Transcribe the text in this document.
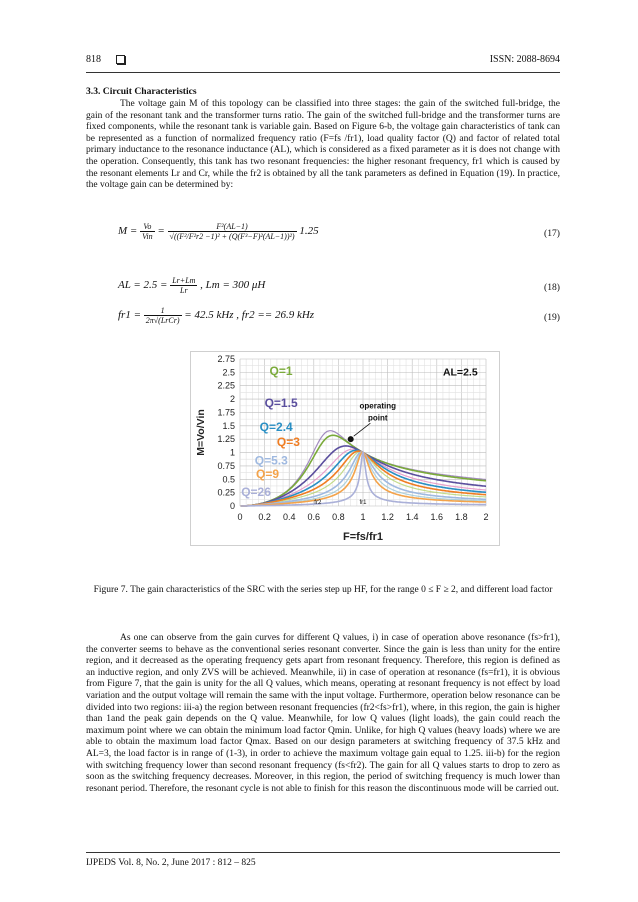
818	ISSN: 2088-8694
3.3. Circuit Characteristics

The voltage gain M of this topology can be classified into three stages: the gain of the switched full-bridge, the gain of the resonant tank and the transformer turns ratio. The gain of the switched full-bridge and the transformer turns are fixed components, while the resonant tank is variable gain. Based on Figure 6-b, the voltage gain characteristics of tank can be represented as a function of normalized frequency ratio (F=fs /fr1), load quality factor (Q) and factor of related total primary inductance to the resonance inductance (AL), which is considered as a fixed parameter as it is does not change with the operation. Consequently, this tank has two resonant frequencies: the higher resonant frequency, fr1 which is caused by the resonant elements Lr and Cr, while the fr2 is obtained by all the tank parameters as defined in Equation (19). In practice, the voltage gain can be determined by:

$M = \frac{Vo}{\text{Vin}} = \frac{\text{F²(AL−1)}}{\text{√((F²/F²r2 −1)² + (Q(F³−F)²(AL−1))²)}} 1.25$	(17)
AL = $2.5 = \frac{Lr+Lm}{Lr}$ , Lm = 300 μH	(18)
$fr1 = \frac{1}{\text{2π√(LrCr)}} = 42.5$ kHz , fr2 == 26.9 kHz	(19)
0 0.2 0.4 0.6 0.8 1 1.2 1.4 1.6 1.8 2
0
0.25
0.5
0.75
1
1.25
1.5
1.75
2
2.25
2.5
2.75
F=fs/fr1
M=Vo/Vin
Q=1
Q=1.5
Q=2.4
Q=3
Q=5.3
Q=9
Q=26
AL=2.5
operating
point
fr2	fr1
Figure 7. The gain characteristics of the SRC with the series step up HF, for the range 0 ≤ F ≥ 2, and different load factor

As one can observe from the gain curves for different Q values, i) in case of operation above resonance (fs>fr1), the converter seems to behave as the conventional series resonant converter. Since the gain is less than unity for the entire region, and it decreased as the operating frequency gets apart from resonant frequency. Therefore, this region is defined as an inductive region, and only ZVS will be achieved. Meanwhile, ii) in case of operation at resonance (fs=fr1), it is obvious from Figure 7, that the gain is unity for the all Q values, which means, operating at resonant frequency is not effect by load variation and the output voltage will remain the same with the input voltage. Furthermore, operation below resonance can be divided into two regions: iii-a) the region between resonant frequencies (fr2<fs>fr1), where, in this region, the gain is higher than 1and the peak gain depends on the Q value. Meanwhile, for low Q values (light loads), the gain could reach the maximum point where we can obtain the minimum load factor Qmin. Unlike, for high Q values (heavy loads) where we are able to obtain the maximum load factor Qmax. Based on our design parameters at switching frequency of 37.5 kHz and AL=3, the load factor is in range of (1-3), in order to achieve the maximum voltage gain equal to 1.25. iii-b) for the region with switching frequency lower than second resonant frequency (fs<fr2). The gain for all Q values starts to drop to zero as soon as the switching frequency decreases. Moreover, in this region, the period of switching frequency is much lower than resonant period. Therefore, the resonant cycle is not able to finish for this reason the discontinuous mode will be carried out.

IJPEDS Vol. 8, No. 2, June 2017 : 812 – 825
